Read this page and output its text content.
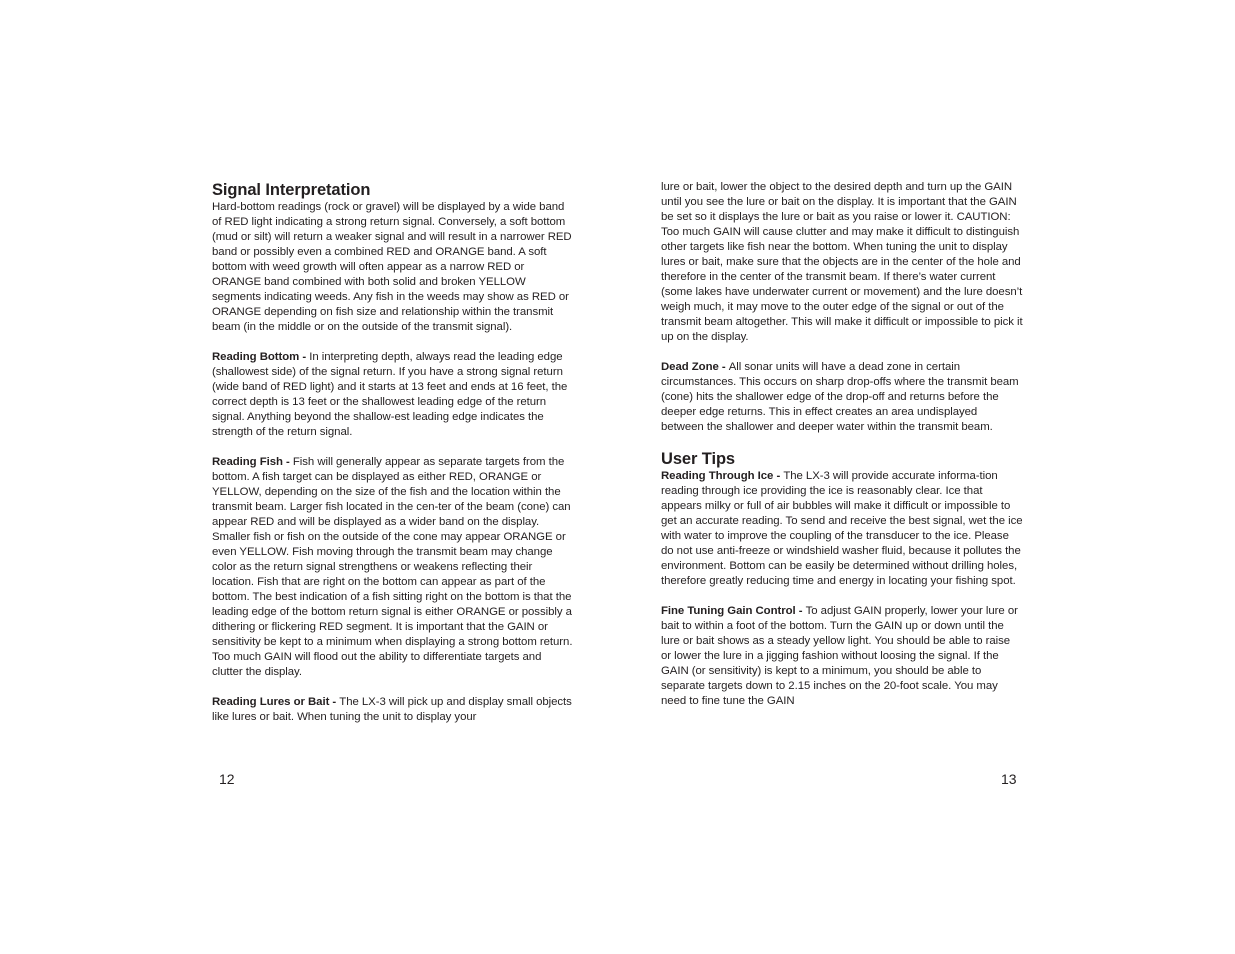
Signal Interpretation

Hard-bottom readings (rock or gravel) will be displayed by a wide band of RED light indicating a strong return signal. Conversely, a soft bottom (mud or silt) will return a weaker signal and will result in a narrower RED band or possibly even a combined RED and ORANGE band. A soft bottom with weed growth will often appear as a narrow RED or ORANGE band combined with both solid and broken YELLOW segments indicating weeds. Any fish in the weeds may show as RED or ORANGE depending on fish size and relationship within the transmit beam (in the middle or on the outside of the transmit signal).

Reading Bottom - In interpreting depth, always read the leading edge (shallowest side) of the signal return. If you have a strong signal return (wide band of RED light) and it starts at 13 feet and ends at 16 feet, the correct depth is 13 feet or the shallowest leading edge of the return signal. Anything beyond the shallow-est leading edge indicates the strength of the return signal.

Reading Fish - Fish will generally appear as separate targets from the bottom. A fish target can be displayed as either RED, ORANGE or YELLOW, depending on the size of the fish and the location within the transmit beam. Larger fish located in the cen-ter of the beam (cone) can appear RED and will be displayed as a wider band on the display. Smaller fish or fish on the outside of the cone may appear ORANGE or even YELLOW. Fish moving through the transmit beam may change color as the return signal strengthens or weakens reflecting their location. Fish that are right on the bottom can appear as part of the bottom. The best indication of a fish sitting right on the bottom is that the leading edge of the bottom return signal is either ORANGE or possibly a dithering or flickering RED segment. It is important that the GAIN or sensitivity be kept to a minimum when displaying a strong bottom return. Too much GAIN will flood out the ability to differentiate targets and clutter the display.

Reading Lures or Bait - The LX-3 will pick up and display small objects like lures or bait. When tuning the unit to display your

12

lure or bait, lower the object to the desired depth and turn up the GAIN until you see the lure or bait on the display. It is important that the GAIN be set so it displays the lure or bait as you raise or lower it. CAUTION: Too much GAIN will cause clutter and may make it difficult to distinguish other targets like fish near the bottom. When tuning the unit to display lures or bait, make sure that the objects are in the center of the hole and therefore in the center of the transmit beam. If there’s water current (some lakes have underwater current or movement) and the lure doesn’t weigh much, it may move to the outer edge of the signal or out of the transmit beam altogether. This will make it difficult or impossible to pick it up on the display.

Dead Zone - All sonar units will have a dead zone in certain circumstances. This occurs on sharp drop-offs where the transmit beam (cone) hits the shallower edge of the drop-off and returns before the deeper edge returns. This in effect creates an area undisplayed between the shallower and deeper water within the transmit beam.

User Tips

Reading Through Ice - The LX-3 will provide accurate informa-tion reading through ice providing the ice is reasonably clear. Ice that appears milky or full of air bubbles will make it difficult or impossible to get an accurate reading. To send and receive the best signal, wet the ice with water to improve the coupling of the transducer to the ice. Please do not use anti-freeze or windshield washer fluid, because it pollutes the environment. Bottom can be easily be determined without drilling holes, therefore greatly reducing time and energy in locating your fishing spot.

Fine Tuning Gain Control - To adjust GAIN properly, lower your lure or bait to within a foot of the bottom. Turn the GAIN up or down until the lure or bait shows as a steady yellow light. You should be able to raise or lower the lure in a jigging fashion without loosing the signal. If the GAIN (or sensitivity) is kept to a minimum, you should be able to separate targets down to 2.15 inches on the 20-foot scale. You may need to fine tune the GAIN

13
